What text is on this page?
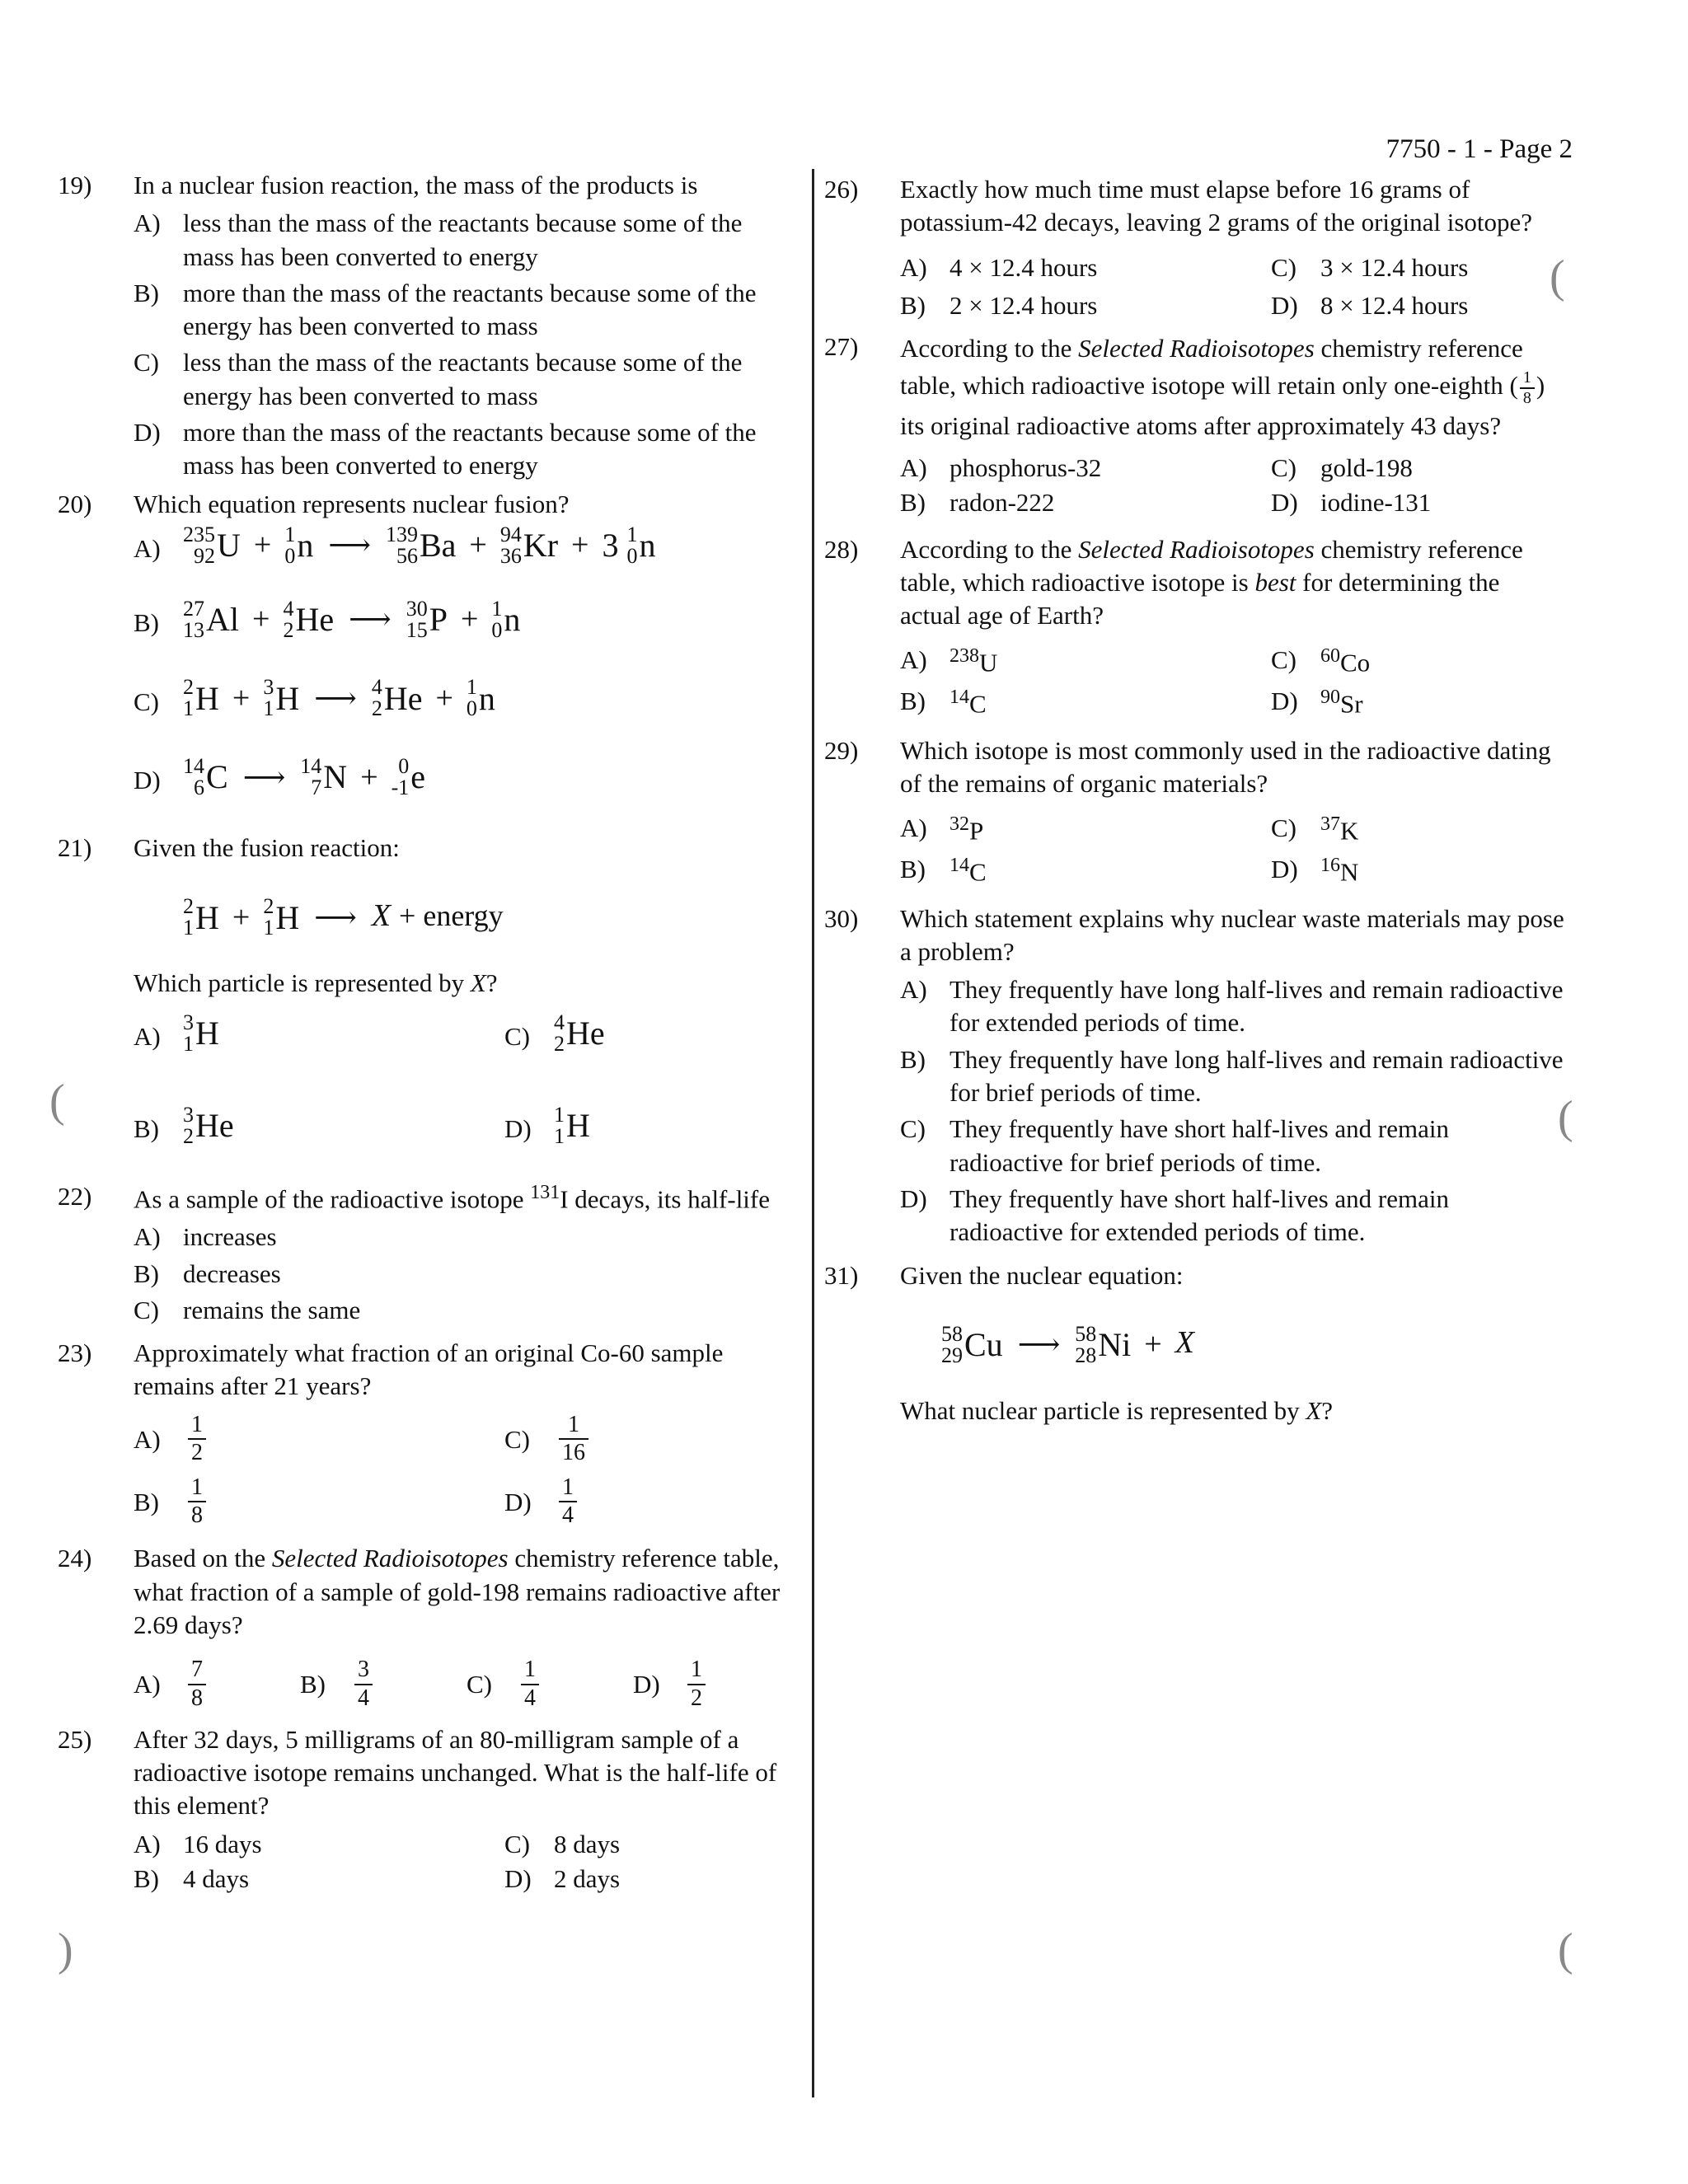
7750 - 1 - Page 2
19)	In a nuclear fusion reaction, the mass of the products is

A) less than the mass of the reactants because some of the mass has been converted to energy
B) more than the mass of the reactants because some of the energy has been converted to mass
C) less than the mass of the reactants because some of the energy has been converted to mass
D) more than the mass of the reactants because some of the mass has been converted to energy
20)	Which equation represents nuclear fusion?

A) 235
92 U + 1
0 n ⟶ 139
56 Ba + 94
36 Kr + 3 1
0 n
B) 27
13 Al + 4
2 He ⟶ 30
15 P + 1
0 n
C) 2
1 H + 3
1 H ⟶ 4
2 He + 1
0 n
D) 14
6 C ⟶ 14
7 N + 0
-1 e
21)	Given the fusion reaction:

2
1 H + 2
1 H ⟶ X + energy

Which particle is represented by X?

A) 3
1 H	C) 4
2 He
B) 3
2 He	D) 1
1 H
22)	As a sample of the radioactive isotope $^{131}$I decays, its half-life

A) increases
B) decreases
C) remains the same
23)	Approximately what fraction of an original Co-60 sample remains after 21 years?

$A) \frac{1}{2}$	$C) \frac{1}{16}$
$B) \frac{1}{8}$	$D) \frac{1}{4}$
24)	Based on the Selected Radioisotopes chemistry reference table, what fraction of a sample of gold-198 remains radioactive after 2.69 days?

$A) \frac{7}{8}$	$B) \frac{3}{4}$	$C) \frac{1}{4}$	$D) \frac{1}{2}$
25)	After 32 days, 5 milligrams of an 80-milligram sample of a radioactive isotope remains unchanged. What is the half-life of this element?

A) 16 days	C) 8 days
B) 4 days	D) 2 days
26)	Exactly how much time must elapse before 16 grams of potassium-42 decays, leaving 2 grams of the original isotope?

A) 4 × 12.4 hours	C) 3 × 12.4 hours
B) 2 × 12.4 hours	D) 8 × 12.4 hours
27)	According to the Selected Radioisotopes chemistry reference table, which radioactive isotope will retain only one-eighth ( $\frac{1}{8}$ ) its original radioactive atoms after approximately 43 days?

A) phosphorus-32	C) gold-198
B) radon-222	D) iodine-131
28)	According to the Selected Radioisotopes chemistry reference table, which radioactive isotope is best for determining the actual age of Earth?

A) $^{238}$U	C) $^{60}$Co
B) $^{14}$C	D) $^{90}$Sr
29)	Which isotope is most commonly used in the radioactive dating of the remains of organic materials?

A) $^{32}$P	C) $^{37}$K
B) $^{14}$C	D) $^{16}$N
30)	Which statement explains why nuclear waste materials may pose a problem?

A) They frequently have long half-lives and remain radioactive for extended periods of time.
B) They frequently have long half-lives and remain radioactive for brief periods of time.
C) They frequently have short half-lives and remain radioactive for brief periods of time.
D) They frequently have short half-lives and remain radioactive for extended periods of time.
31)	Given the nuclear equation:

58
29 Cu ⟶ 58
28 Ni + X

What nuclear particle is represented by X?

(
(
(
(
)
